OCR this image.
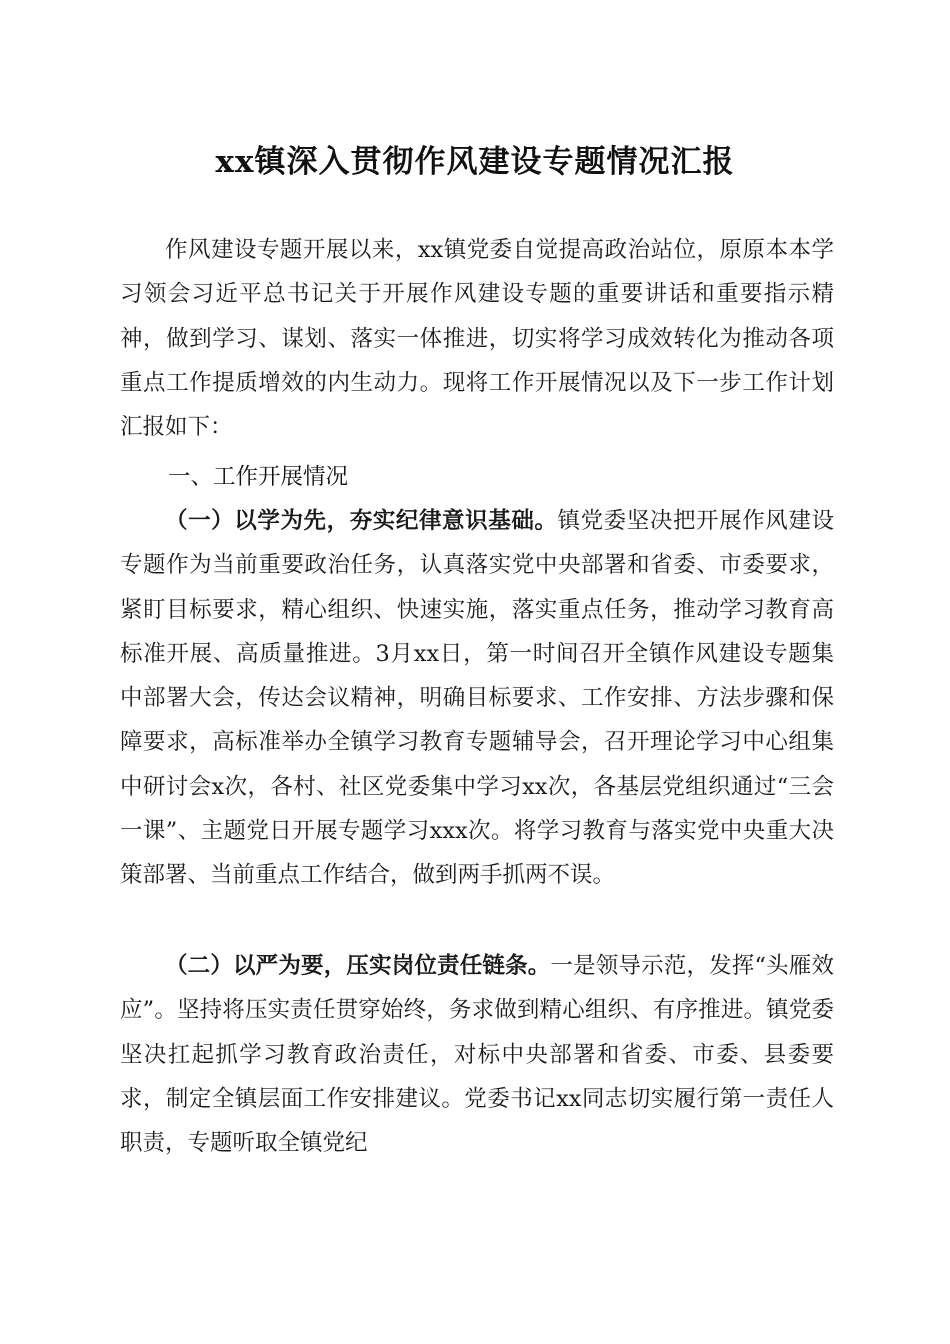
xx镇深入贯彻作风建设专题情况汇报

作风建设专题开展以来，xx镇党委自觉提高政治站位，原原本本学习领会习近平总书记关于开展作风建设专题的重要讲话和重要指示精神，做到学习、谋划、落实一体推进，切实将学习成效转化为推动各项重点工作提质增效的内生动力。现将工作开展情况以及下一步工作计划汇报如下：

一、工作开展情况

（一）以学为先，夯实纪律意识基础。镇党委坚决把开展作风建设专题作为当前重要政治任务，认真落实党中央部署和省委、市委要求，紧盯目标要求，精心组织、快速实施，落实重点任务，推动学习教育高标准开展、高质量推进。3月xx日，第一时间召开全镇作风建设专题集中部署大会，传达会议精神，明确目标要求、工作安排、方法步骤和保障要求，高标准举办全镇学习教育专题辅导会，召开理论学习中心组集中研讨会x次，各村、社区党委集中学习xx次，各基层党组织通过“三会一课”、主题党日开展专题学习xxx次。将学习教育与落实党中央重大决策部署、当前重点工作结合，做到两手抓两不误。

（二）以严为要，压实岗位责任链条。一是领导示范，发挥“头雁效应”。坚持将压实责任贯穿始终，务求做到精心组织、有序推进。镇党委坚决扛起抓学习教育政治责任，对标中央部署和省委、市委、县委要求，制定全镇层面工作安排建议。党委书记xx同志切实履行第一责任人职责，专题听取全镇党纪
